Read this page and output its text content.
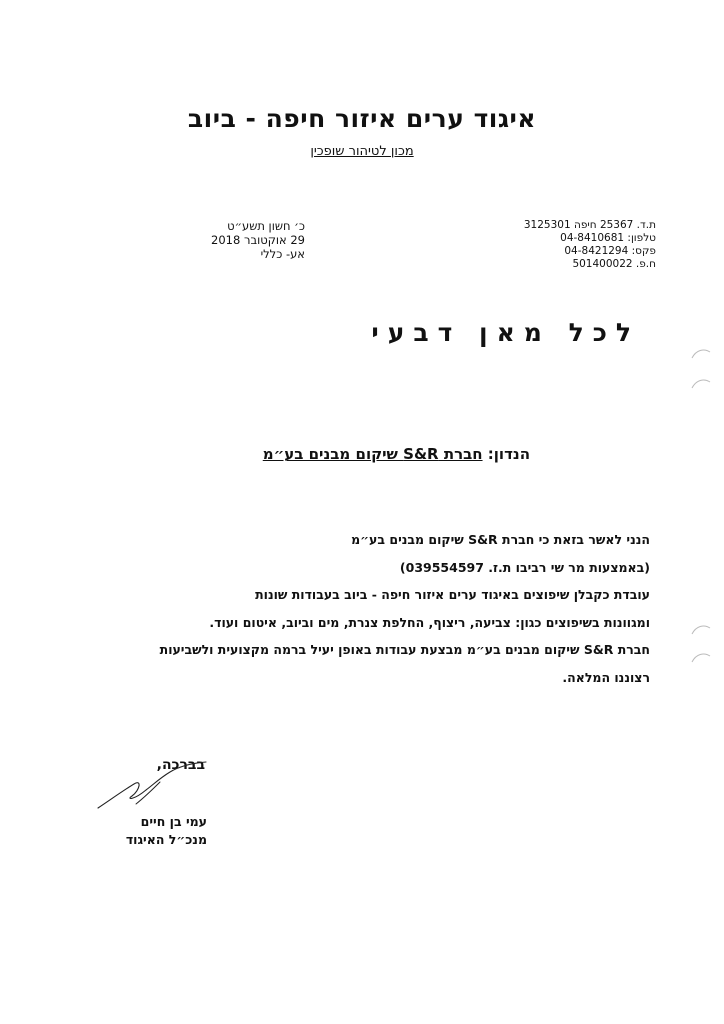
איגוד ערים איזור חיפה - ביוב
מכון לטיהור שופכין
ת.ד. 25367 חיפה 3125301
טלפון: 04-8410681
פקס: 04-8421294
ח.פ. 501400022
כ׳ חשון תשע״ט
29 אוקטובר 2018
אע- כללי
לכל מאן דבעי
הנדון: חברת S&R שיקום מבנים בע״מ
הנני לאשר בזאת כי חברת S&R שיקום מבנים בע״מ
(באמצעות מר שי רביבו ת.ז. 039554597)
עובדת כקבלן שיפוצים באיגוד ערים איזור חיפה - ביוב בעבודות שונות
ומגוונות בשיפוצים כגון: צביעה, ריצוף, החלפת צנרת, מים וביוב, איטום ועוד.
חברת S&R שיקום מבנים בע״מ מבצעת עבודות באופן יעיל ברמה מקצועית ולשביעות
רצוננו המלאה.
בברכה,
עמי בן חיים
מנכ״ל האיגוד
